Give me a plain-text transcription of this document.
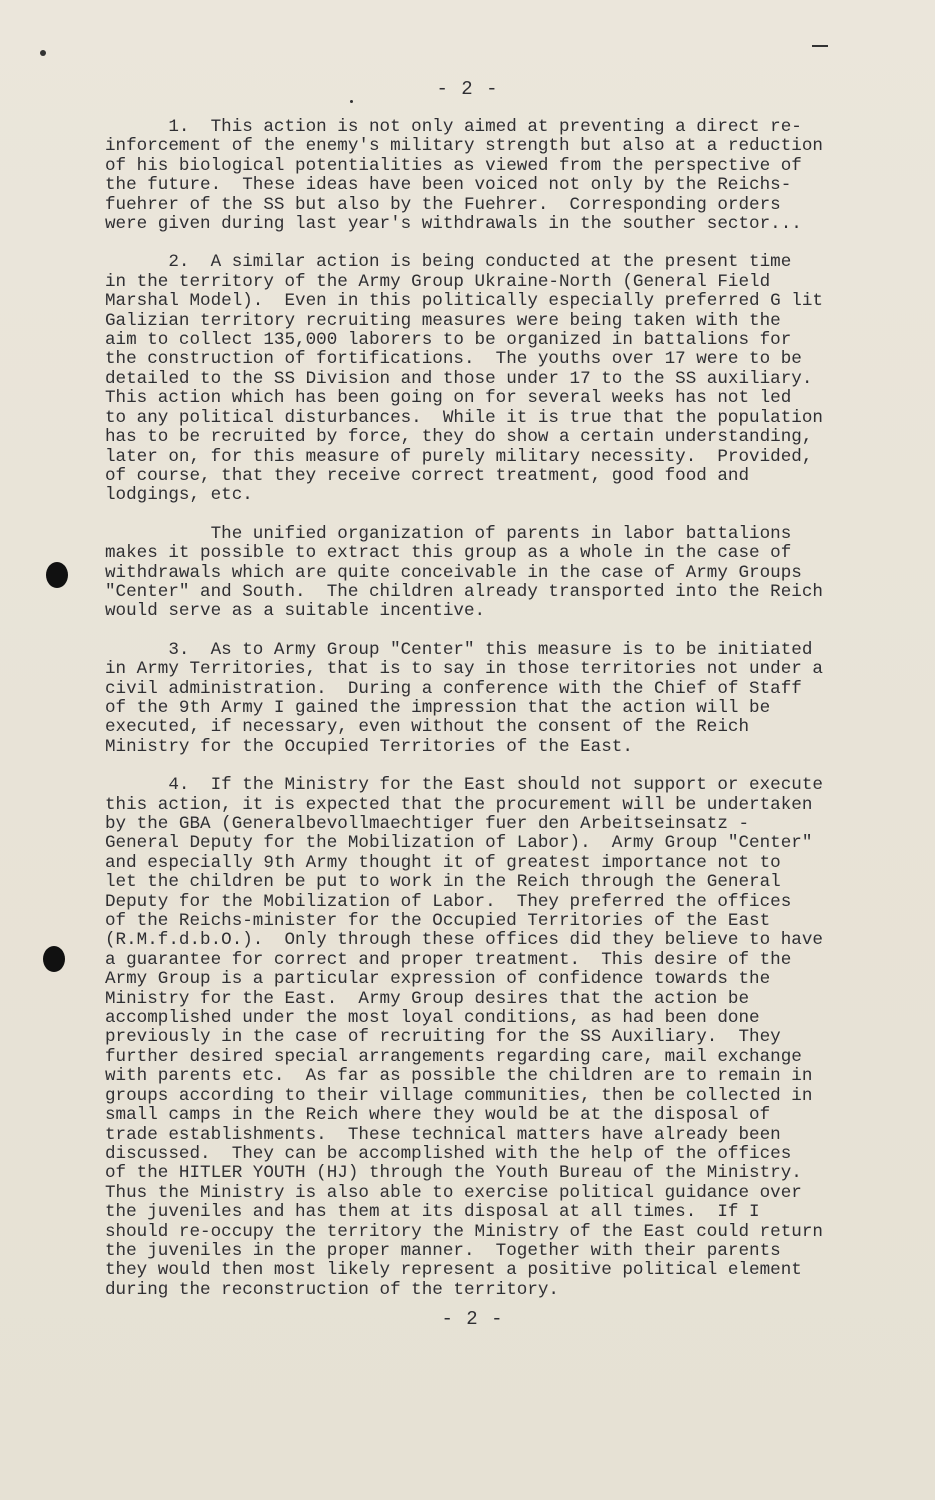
- 2 -

1.  This action is not only aimed at preventing a direct re-
inforcement of the enemy's military strength but also at a reduction
of his biological potentialities as viewed from the perspective of
the future.  These ideas have been voiced not only by the Reichs-
fuehrer of the SS but also by the Fuehrer.  Corresponding orders
were given during last year's withdrawals in the souther sector...

2.  A similar action is being conducted at the present time
in the territory of the Army Group Ukraine-North (General Field
Marshal Model).  Even in this politically especially preferred G lit
Galizian territory recruiting measures were being taken with the
aim to collect 135,000 laborers to be organized in battalions for
the construction of fortifications.  The youths over 17 were to be
detailed to the SS Division and those under 17 to the SS auxiliary.
This action which has been going on for several weeks has not led
to any political disturbances.  While it is true that the population
has to be recruited by force, they do show a certain understanding,
later on, for this measure of purely military necessity.  Provided,
of course, that they receive correct treatment, good food and
lodgings, etc.

The unified organization of parents in labor battalions
makes it possible to extract this group as a whole in the case of
withdrawals which are quite conceivable in the case of Army Groups
"Center" and South.  The children already transported into the Reich
would serve as a suitable incentive.

3.  As to Army Group "Center" this measure is to be initiated
in Army Territories, that is to say in those territories not under a
civil administration.  During a conference with the Chief of Staff
of the 9th Army I gained the impression that the action will be
executed, if necessary, even without the consent of the Reich
Ministry for the Occupied Territories of the East.

4.  If the Ministry for the East should not support or execute
this action, it is expected that the procurement will be undertaken
by the GBA (Generalbevollmaechtiger fuer den Arbeitseinsatz -
General Deputy for the Mobilization of Labor).  Army Group "Center"
and especially 9th Army thought it of greatest importance not to
let the children be put to work in the Reich through the General
Deputy for the Mobilization of Labor.  They preferred the offices
of the Reichs-minister for the Occupied Territories of the East
(R.M.f.d.b.O.).  Only through these offices did they believe to have
a guarantee for correct and proper treatment.  This desire of the
Army Group is a particular expression of confidence towards the
Ministry for the East.  Army Group desires that the action be
accomplished under the most loyal conditions, as had been done
previously in the case of recruiting for the SS Auxiliary.  They
further desired special arrangements regarding care, mail exchange
with parents etc.  As far as possible the children are to remain in
groups according to their village communities, then be collected in
small camps in the Reich where they would be at the disposal of
trade establishments.  These technical matters have already been
discussed.  They can be accomplished with the help of the offices
of the HITLER YOUTH (HJ) through the Youth Bureau of the Ministry.
Thus the Ministry is also able to exercise political guidance over
the juveniles and has them at its disposal at all times.  If I
should re-occupy the territory the Ministry of the East could return
the juveniles in the proper manner.  Together with their parents
they would then most likely represent a positive political element
during the reconstruction of the territory.

- 2 -
